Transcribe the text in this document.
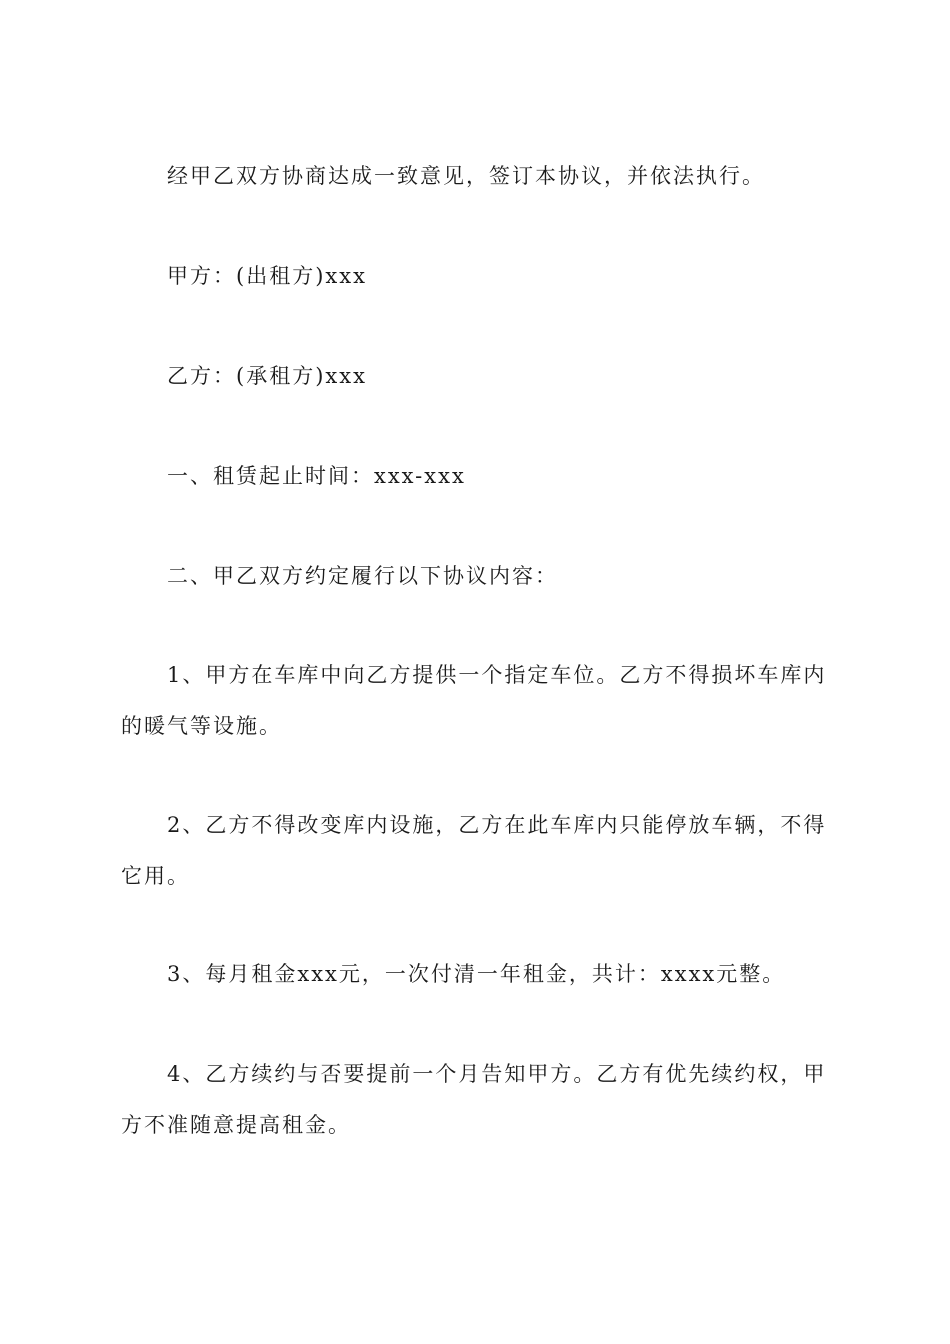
经甲乙双方协商达成一致意见，签订本协议，并依法执行。

甲方：(出租方)xxx

乙方：(承租方)xxx

一、租赁起止时间：xxx-xxx

二、甲乙双方约定履行以下协议内容：

1、甲方在车库中向乙方提供一个指定车位。乙方不得损坏车库内的暖气等设施。

2、乙方不得改变库内设施，乙方在此车库内只能停放车辆，不得它用。

3、每月租金xxx元，一次付清一年租金，共计：xxxx元整。

4、乙方续约与否要提前一个月告知甲方。乙方有优先续约权，甲方不准随意提高租金。
